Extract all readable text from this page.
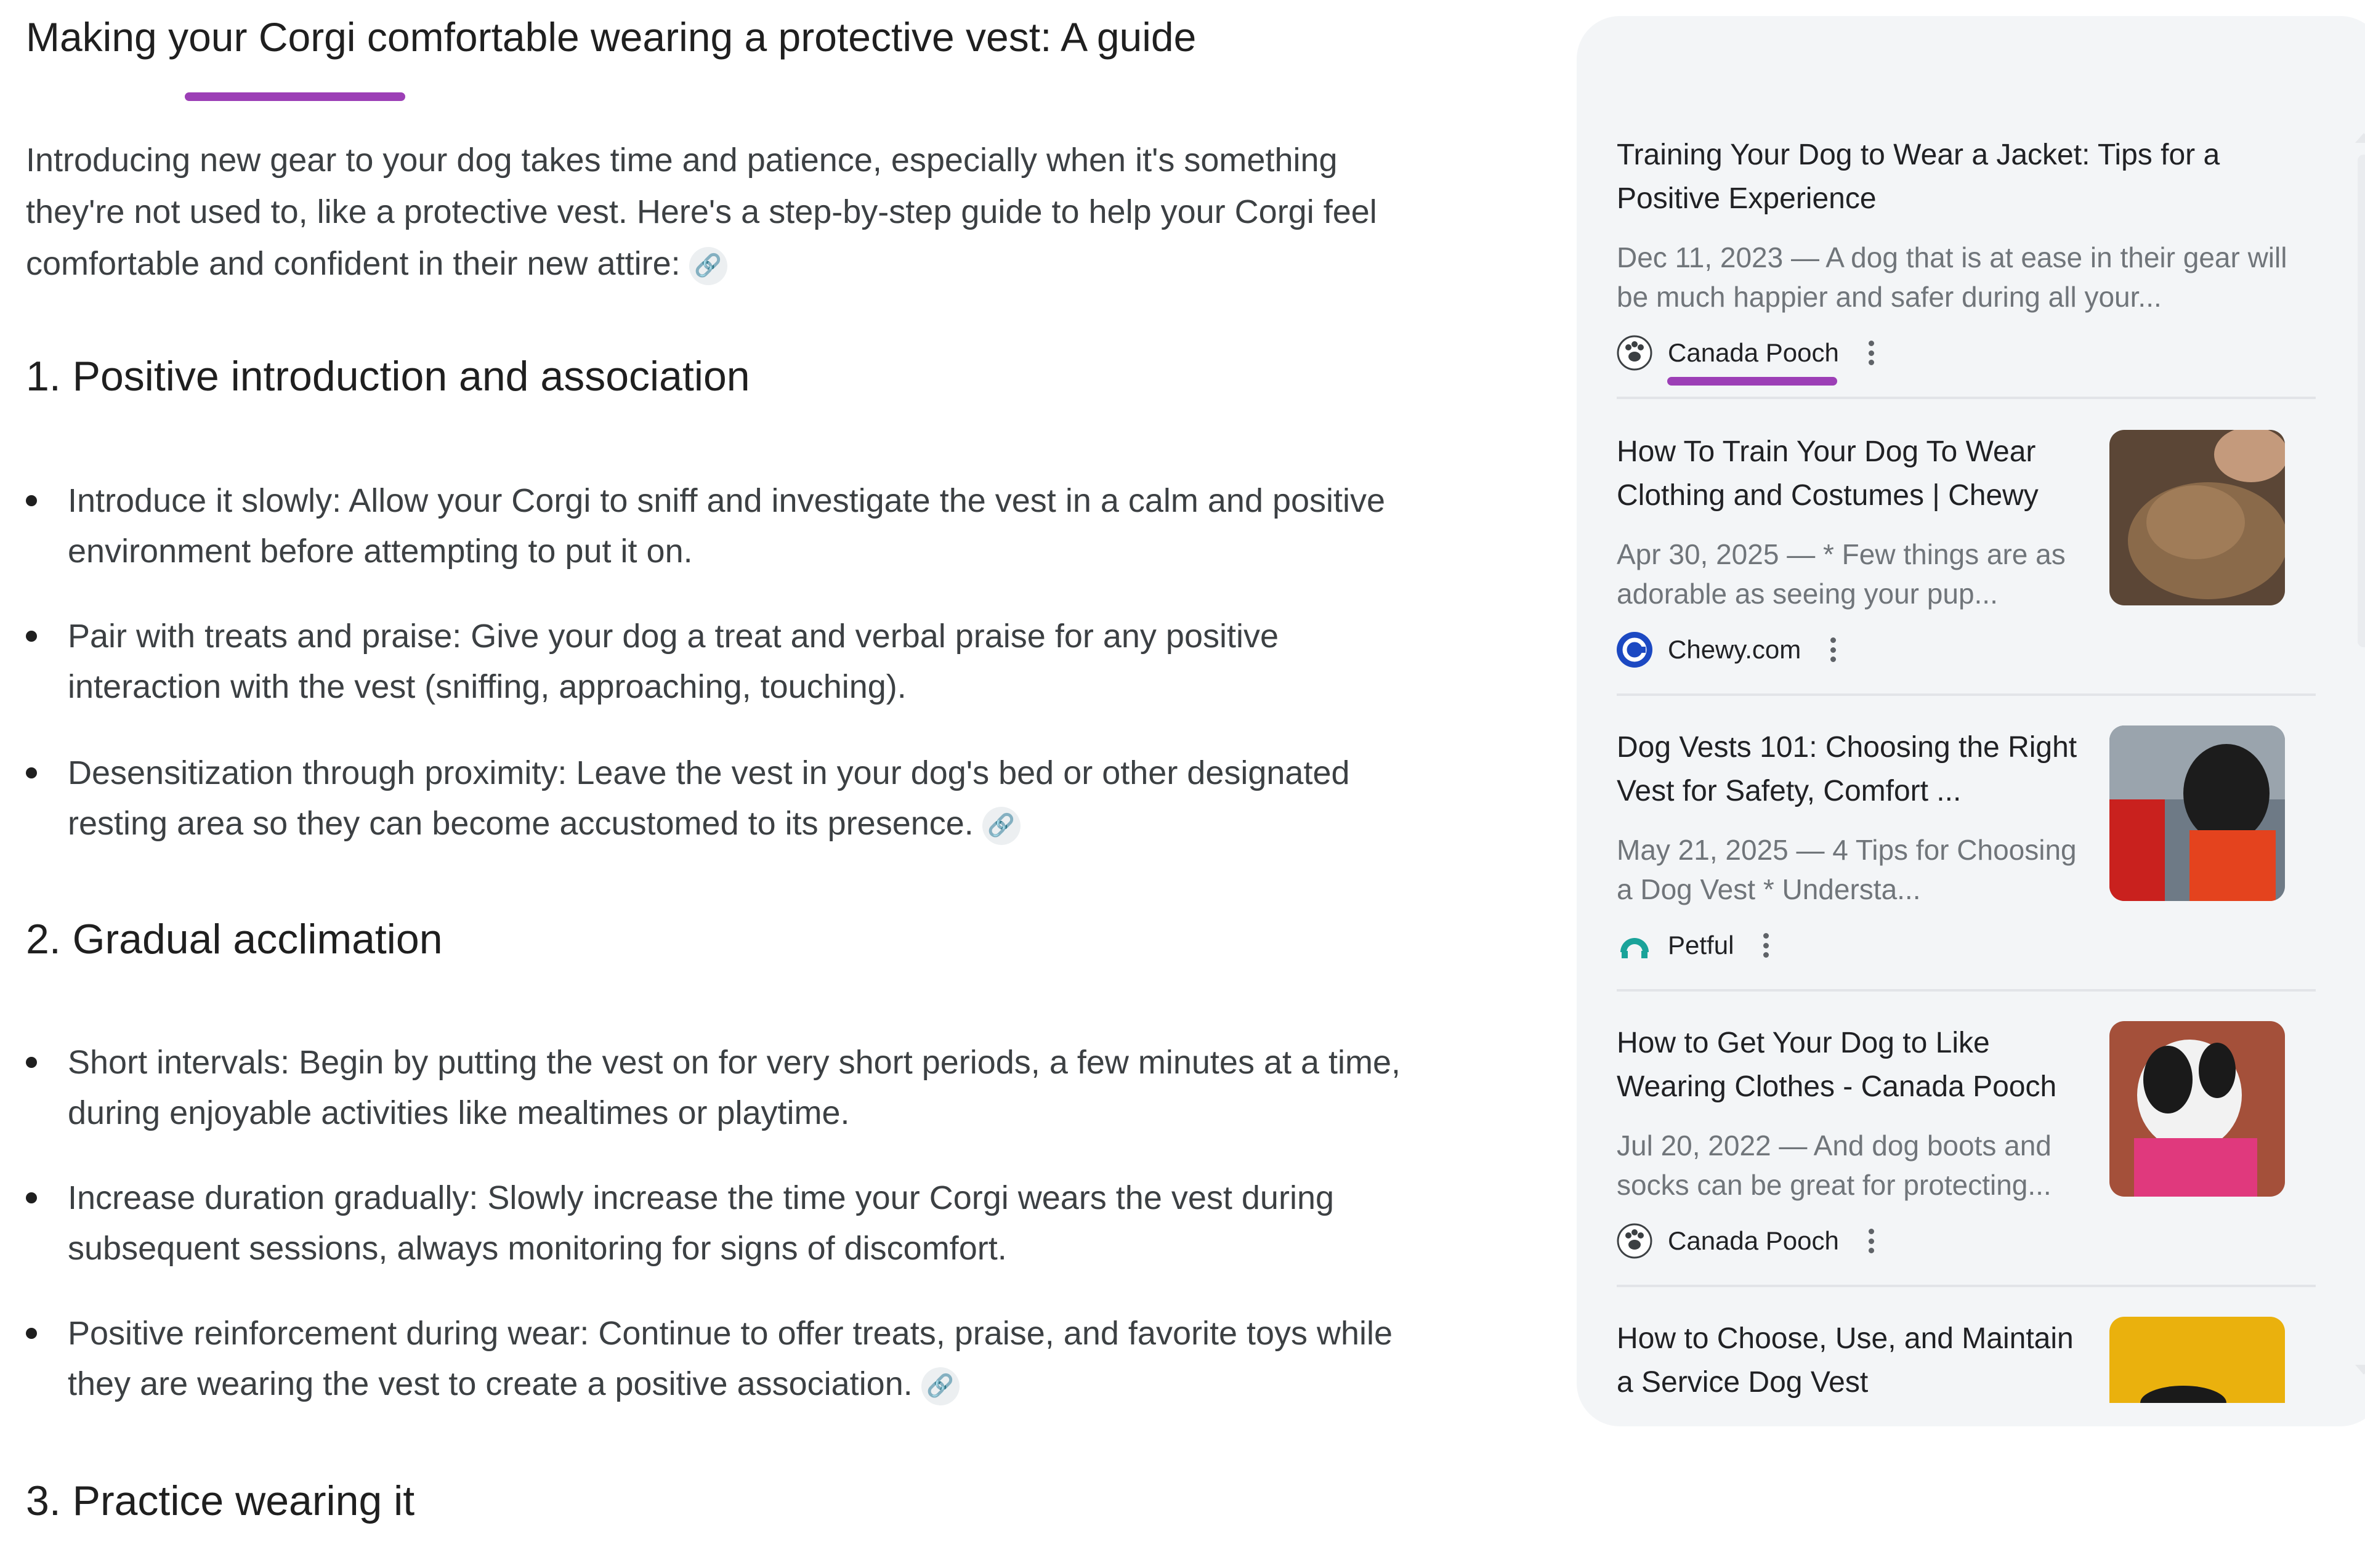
Making your Corgi comfortable wearing a protective vest: A guide
Introducing new gear to your dog takes time and patience, especially when it's something they're not used to, like a protective vest. Here's a step-by-step guide to help your Corgi feel comfortable and confident in their new attire: 🔗
1. Positive introduction and association
Introduce it slowly: Allow your Corgi to sniff and investigate the vest in a calm and positive environment before attempting to put it on.
Pair with treats and praise: Give your dog a treat and verbal praise for any positive interaction with the vest (sniffing, approaching, touching).
Desensitization through proximity: Leave the vest in your dog's bed or other designated resting area so they can become accustomed to its presence. 🔗
2. Gradual acclimation
Short intervals: Begin by putting the vest on for very short periods, a few minutes at a time, during enjoyable activities like mealtimes or playtime.
Increase duration gradually: Slowly increase the time your Corgi wears the vest during subsequent sessions, always monitoring for signs of discomfort.
Positive reinforcement during wear: Continue to offer treats, praise, and favorite toys while they are wearing the vest to create a positive association. 🔗
3. Practice wearing it
Training Your Dog to Wear a Jacket: Tips for a Positive Experience
Dec 11, 2023 — A dog that is at ease in their gear will be much happier and safer during all your...
Canada Pooch
How To Train Your Dog To Wear Clothing and Costumes | Chewy
Apr 30, 2025 — * Few things are as adorable as seeing your pup...
Chewy.com
Dog Vests 101: Choosing the Right Vest for Safety, Comfort ...
May 21, 2025 — 4 Tips for Choosing a Dog Vest * Understa...
Petful
How to Get Your Dog to Like Wearing Clothes - Canada Pooch
Jul 20, 2022 — And dog boots and socks can be great for protecting...
Canada Pooch
How to Choose, Use, and Maintain a Service Dog Vest
